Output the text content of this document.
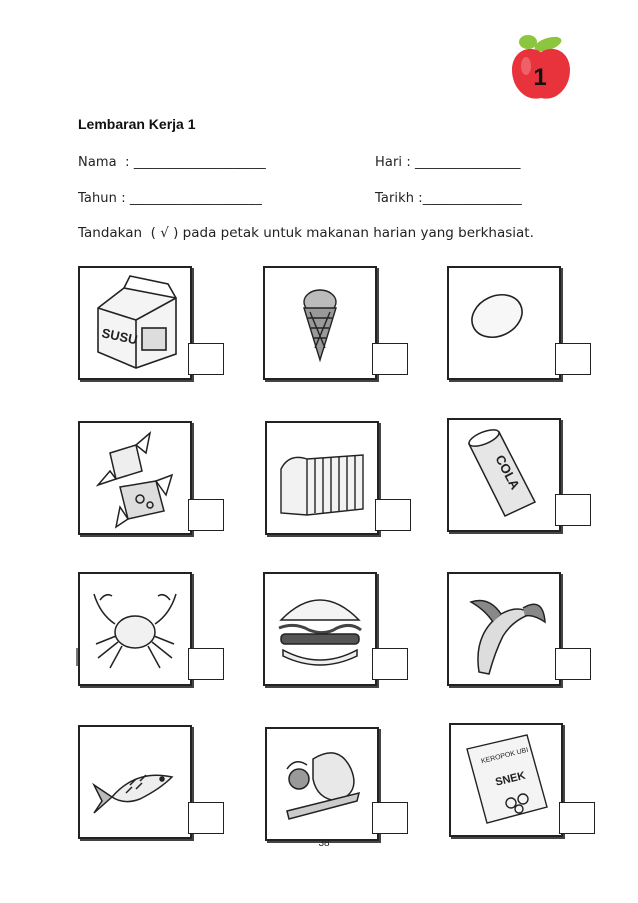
1
Lembaran Kerja 1
Nama  : ____________________	Hari : ________________
Tahun : ____________________	Tarikh :_______________
Tandakan  ( √ ) pada petak untuk makanan harian yang berkhasiat.
SUSU
COLA
KEROPOK UBI
SNEK
38
